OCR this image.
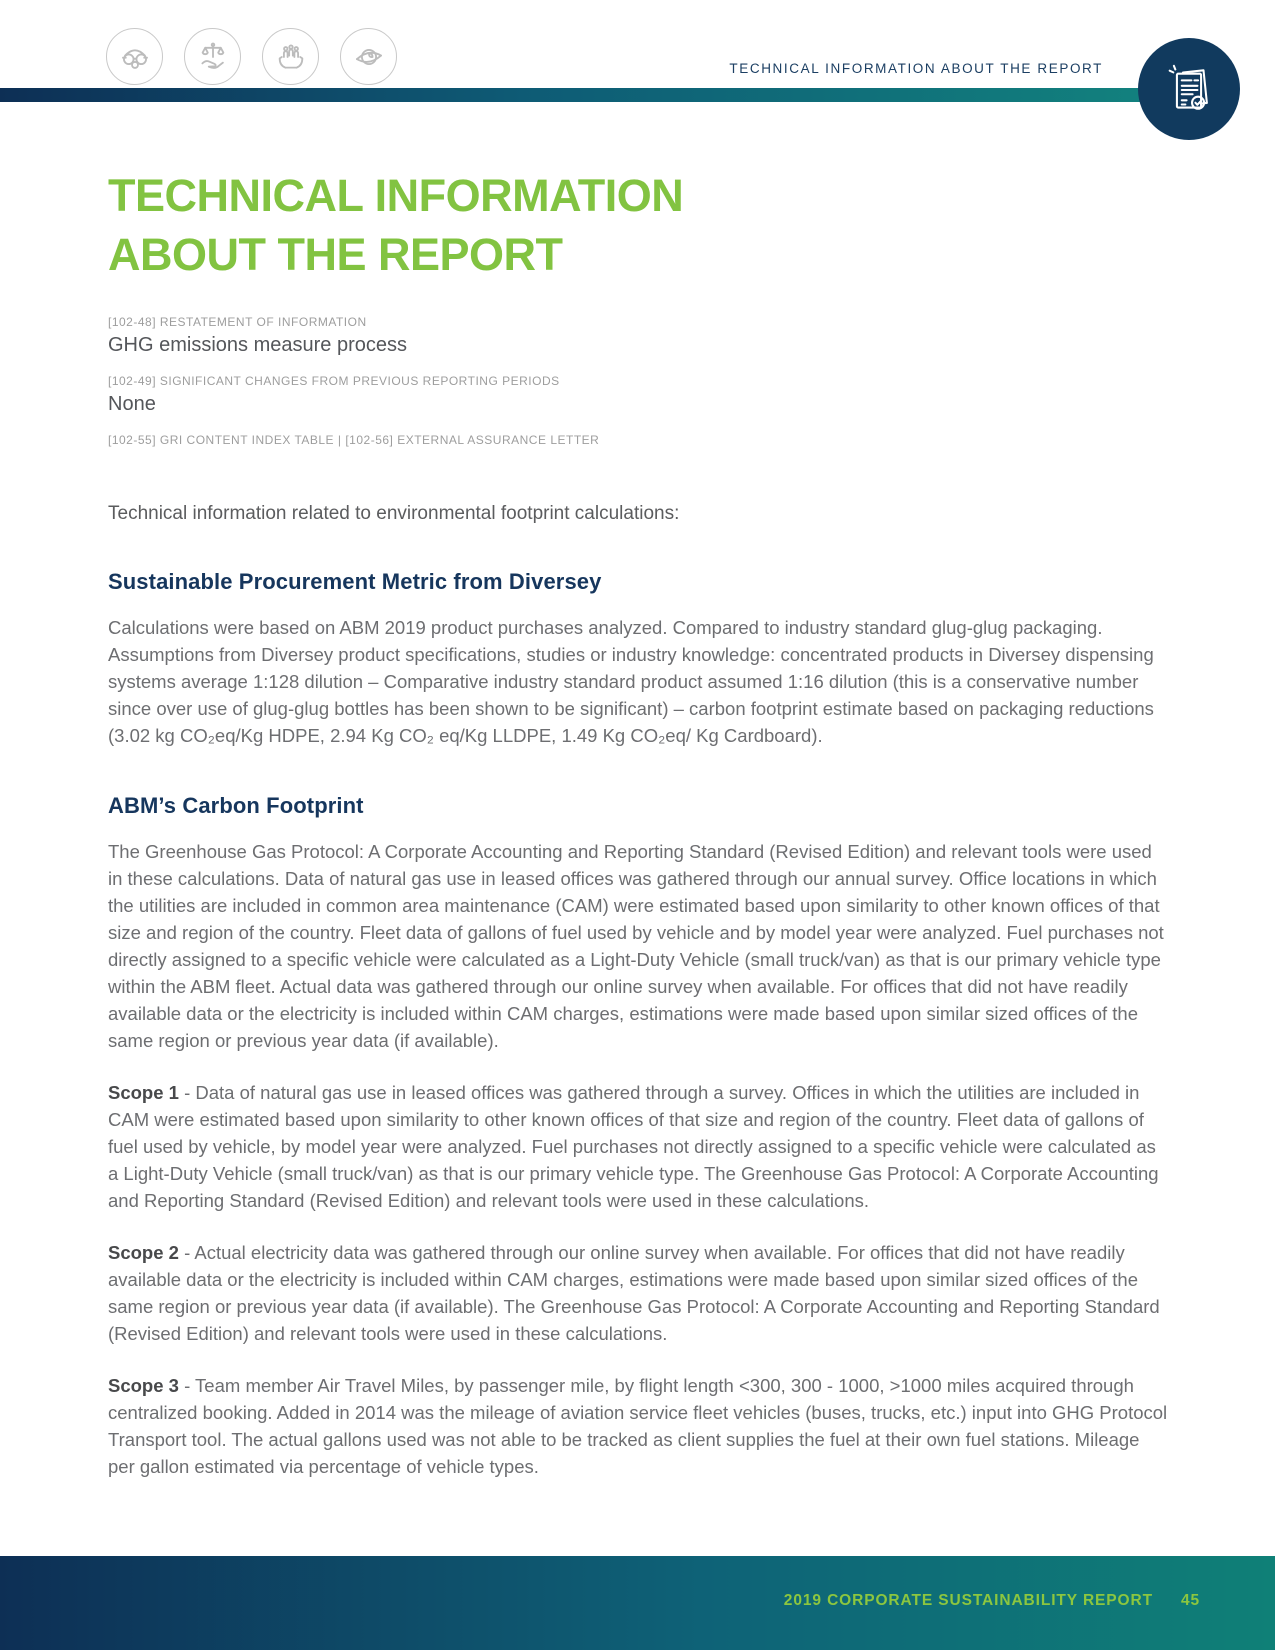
TECHNICAL INFORMATION ABOUT THE REPORT
TECHNICAL INFORMATION
ABOUT THE REPORT
[102-48] RESTATEMENT OF INFORMATION
GHG emissions measure process
[102-49] SIGNIFICANT CHANGES FROM PREVIOUS REPORTING PERIODS
None
[102-55] GRI CONTENT INDEX TABLE | [102-56] EXTERNAL ASSURANCE LETTER
Technical information related to environmental footprint calculations:
Sustainable Procurement Metric from Diversey

Calculations were based on ABM 2019 product purchases analyzed. Compared to industry standard glug-glug packaging. Assumptions from Diversey product specifications, studies or industry knowledge: concentrated products in Diversey dispensing systems average 1:128 dilution – Comparative industry standard product assumed 1:16 dilution (this is a conservative number since over use of glug-glug bottles has been shown to be significant) – carbon footprint estimate based on packaging reductions (3.02 kg CO₂eq/Kg HDPE, 2.94 Kg CO₂ eq/Kg LLDPE, 1.49 Kg CO₂eq/ Kg Cardboard).

ABM’s Carbon Footprint

The Greenhouse Gas Protocol: A Corporate Accounting and Reporting Standard (Revised Edition) and relevant tools were used in these calculations. Data of natural gas use in leased offices was gathered through our annual survey. Office locations in which the utilities are included in common area maintenance (CAM) were estimated based upon similarity to other known offices of that size and region of the country. Fleet data of gallons of fuel used by vehicle and by model year were analyzed. Fuel purchases not directly assigned to a specific vehicle were calculated as a Light-Duty Vehicle (small truck/van) as that is our primary vehicle type within the ABM fleet. Actual data was gathered through our online survey when available. For offices that did not have readily available data or the electricity is included within CAM charges, estimations were made based upon similar sized offices of the same region or previous year data (if available).

Scope 1 - Data of natural gas use in leased offices was gathered through a survey. Offices in which the utilities are included in CAM were estimated based upon similarity to other known offices of that size and region of the country. Fleet data of gallons of fuel used by vehicle, by model year were analyzed. Fuel purchases not directly assigned to a specific vehicle were calculated as a Light-Duty Vehicle (small truck/van) as that is our primary vehicle type. The Greenhouse Gas Protocol: A Corporate Accounting and Reporting Standard (Revised Edition) and relevant tools were used in these calculations.

Scope 2 - Actual electricity data was gathered through our online survey when available. For offices that did not have readily available data or the electricity is included within CAM charges, estimations were made based upon similar sized offices of the same region or previous year data (if available). The Greenhouse Gas Protocol: A Corporate Accounting and Reporting Standard (Revised Edition) and relevant tools were used in these calculations.

Scope 3 - Team member Air Travel Miles, by passenger mile, by flight length <300, 300 - 1000, >1000 miles acquired through centralized booking. Added in 2014 was the mileage of aviation service fleet vehicles (buses, trucks, etc.) input into GHG Protocol Transport tool. The actual gallons used was not able to be tracked as client supplies the fuel at their own fuel stations. Mileage per gallon estimated via percentage of vehicle types.

2019 CORPORATE SUSTAINABILITY REPORT 45
